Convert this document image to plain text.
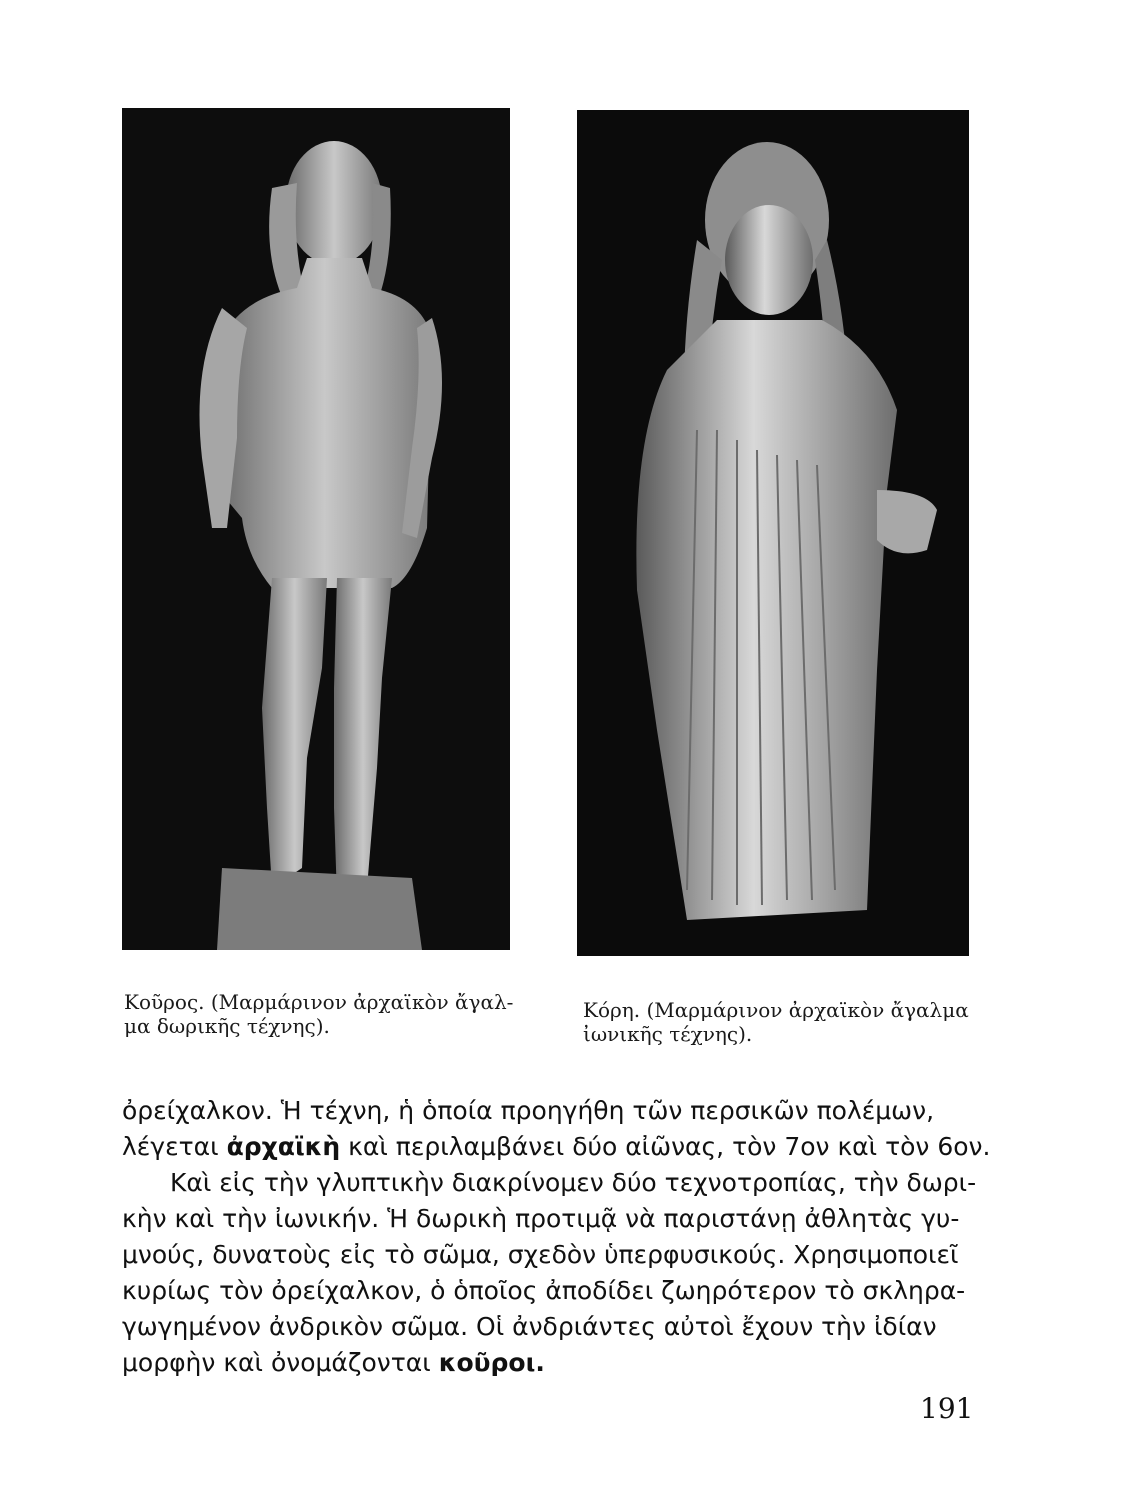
Κοῦρος. (Μαρμάρινον ἀρχαϊκὸν ἄγαλ-
μα δωρικῆς τέχνης).
Κόρη. (Μαρμάρινον ἀρχαϊκὸν ἄγαλμα
ἰωνικῆς τέχνης).
ὀρείχαλκον. Ἡ τέχνη, ἡ ὁποία προηγήθη τῶν περσικῶν πολέμων,
λέγεται ἀρχαϊκὴ καὶ περιλαμβάνει δύο αἰῶνας, τὸν 7ον καὶ τὸν 6ον.
Καὶ εἰς τὴν γλυπτικὴν διακρίνομεν δύο τεχνοτροπίας, τὴν δωρι-
κὴν καὶ τὴν ἰωνικήν. Ἡ δωρικὴ προτιμᾷ νὰ παριστάνῃ ἀθλητὰς γυ-
μνούς, δυνατοὺς εἰς τὸ σῶμα, σχεδὸν ὑπερφυσικούς. Χρησιμοποιεῖ
κυρίως τὸν ὀρείχαλκον, ὁ ὁποῖος ἀποδίδει ζωηρότερον τὸ σκληρα-
γωγημένον ἀνδρικὸν σῶμα. Οἱ ἀνδριάντες αὐτοὶ ἔχουν τὴν ἰδίαν
μορφὴν καὶ ὀνομάζονται κοῦροι.
191
